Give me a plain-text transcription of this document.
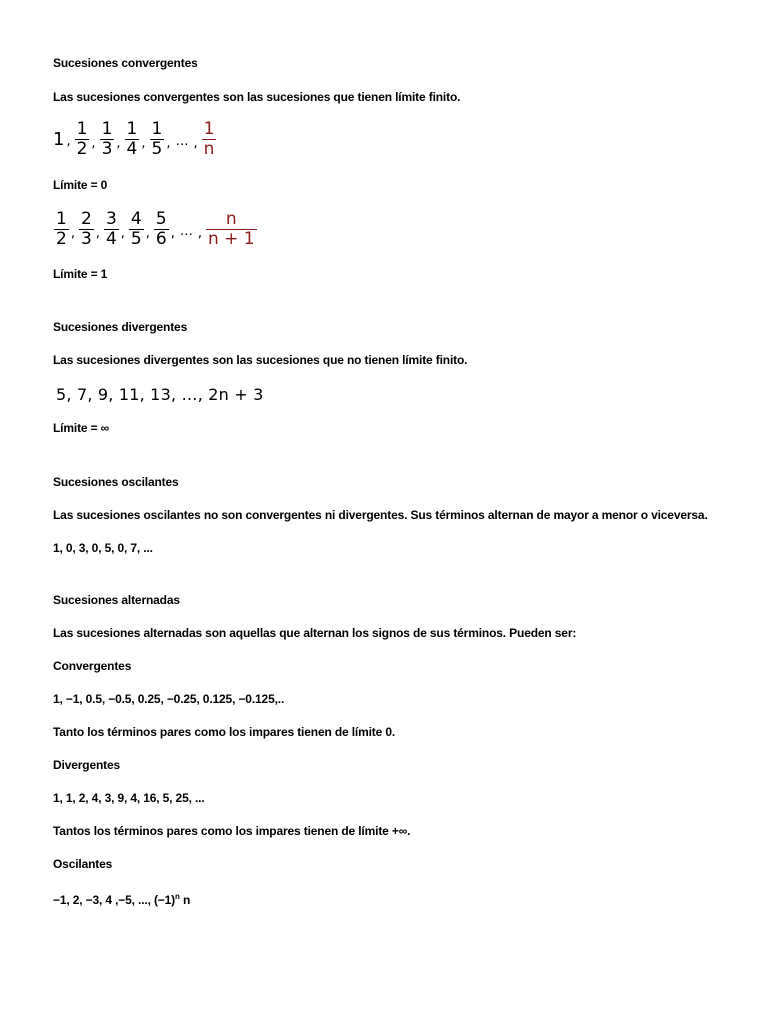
Sucesiones convergentes
Las sucesiones convergentes son las sucesiones que tienen límite finito.
1 , $\frac{1}{2}$ , $\frac{1}{3}$ , $\frac{1}{4}$ , $\frac{1}{5}$ , … , $\frac{1}{n}$
Límite = 0
$\frac{1}{2}$ , $\frac{2}{3}$ , $\frac{3}{4}$ , $\frac{4}{5}$ , $\frac{5}{6}$ , … , $\frac{n}{n + 1}$
Límite = 1
Sucesiones divergentes
Las sucesiones divergentes son las sucesiones que no tienen límite finito.
5, 7, 9, 11, 13, …, 2n + 3
Límite = ∞
Sucesiones oscilantes
Las sucesiones oscilantes no son convergentes ni divergentes. Sus términos alternan de mayor a menor o viceversa.
1, 0, 3, 0, 5, 0, 7, ...
Sucesiones alternadas
Las sucesiones alternadas son aquellas que alternan los signos de sus términos. Pueden ser:
Convergentes
1, −1, 0.5, −0.5, 0.25, −0.25, 0.125, −0.125,..
Tanto los términos pares como los impares tienen de límite 0.
Divergentes
1, 1, 2, 4, 3, 9, 4, 16, 5, 25, ...
Tantos los términos pares como los impares tienen de límite +∞.
Oscilantes
−1, 2, −3, 4 ,−5, ..., $(-1)^n$ n
